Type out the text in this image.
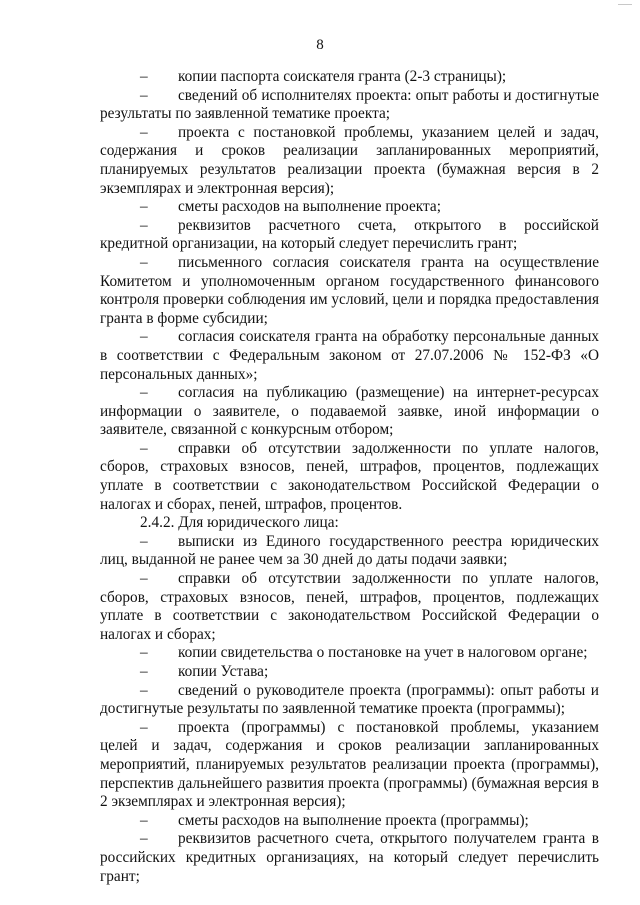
8

– копии паспорта соискателя гранта (2-3 страницы);

– сведений об исполнителях проекта: опыт работы и достигнутые результаты по заявленной тематике проекта;

– проекта с постановкой проблемы, указанием целей и задач, содержания и сроков реализации запланированных мероприятий, планируемых результатов реализации проекта (бумажная версия в 2 экземплярах и электронная версия);

– сметы расходов на выполнение проекта;

– реквизитов расчетного счета, открытого в российской кредитной организации, на который следует перечислить грант;

– письменного согласия соискателя гранта на осуществление Комитетом и уполномоченным органом государственного финансового контроля проверки соблюдения им условий, цели и порядка предоставления гранта в форме субсидии;

– согласия соискателя гранта на обработку персональные данных в соответствии с Федеральным законом от 27.07.2006 № 152-ФЗ «О персональных данных»;

– согласия на публикацию (размещение) на интернет-ресурсах информации о заявителе, о подаваемой заявке, иной информации о заявителе, связанной с конкурсным отбором;

– справки об отсутствии задолженности по уплате налогов, сборов, страховых взносов, пеней, штрафов, процентов, подлежащих уплате в соответствии с законодательством Российской Федерации о налогах и сборах, пеней, штрафов, процентов.

2.4.2. Для юридического лица:

– выписки из Единого государственного реестра юридических лиц, выданной не ранее чем за 30 дней до даты подачи заявки;

– справки об отсутствии задолженности по уплате налогов, сборов, страховых взносов, пеней, штрафов, процентов, подлежащих уплате в соответствии с законодательством Российской Федерации о налогах и сборах;

– копии свидетельства о постановке на учет в налоговом органе;

– копии Устава;

– сведений о руководителе проекта (программы): опыт работы и достигнутые результаты по заявленной тематике проекта (программы);

– проекта (программы) с постановкой проблемы, указанием целей и задач, содержания и сроков реализации запланированных мероприятий, планируемых результатов реализации проекта (программы), перспектив дальнейшего развития проекта (программы) (бумажная версия в 2 экземплярах и электронная версия);

– сметы расходов на выполнение проекта (программы);

– реквизитов расчетного счета, открытого получателем гранта в российских кредитных организациях, на который следует перечислить грант;
